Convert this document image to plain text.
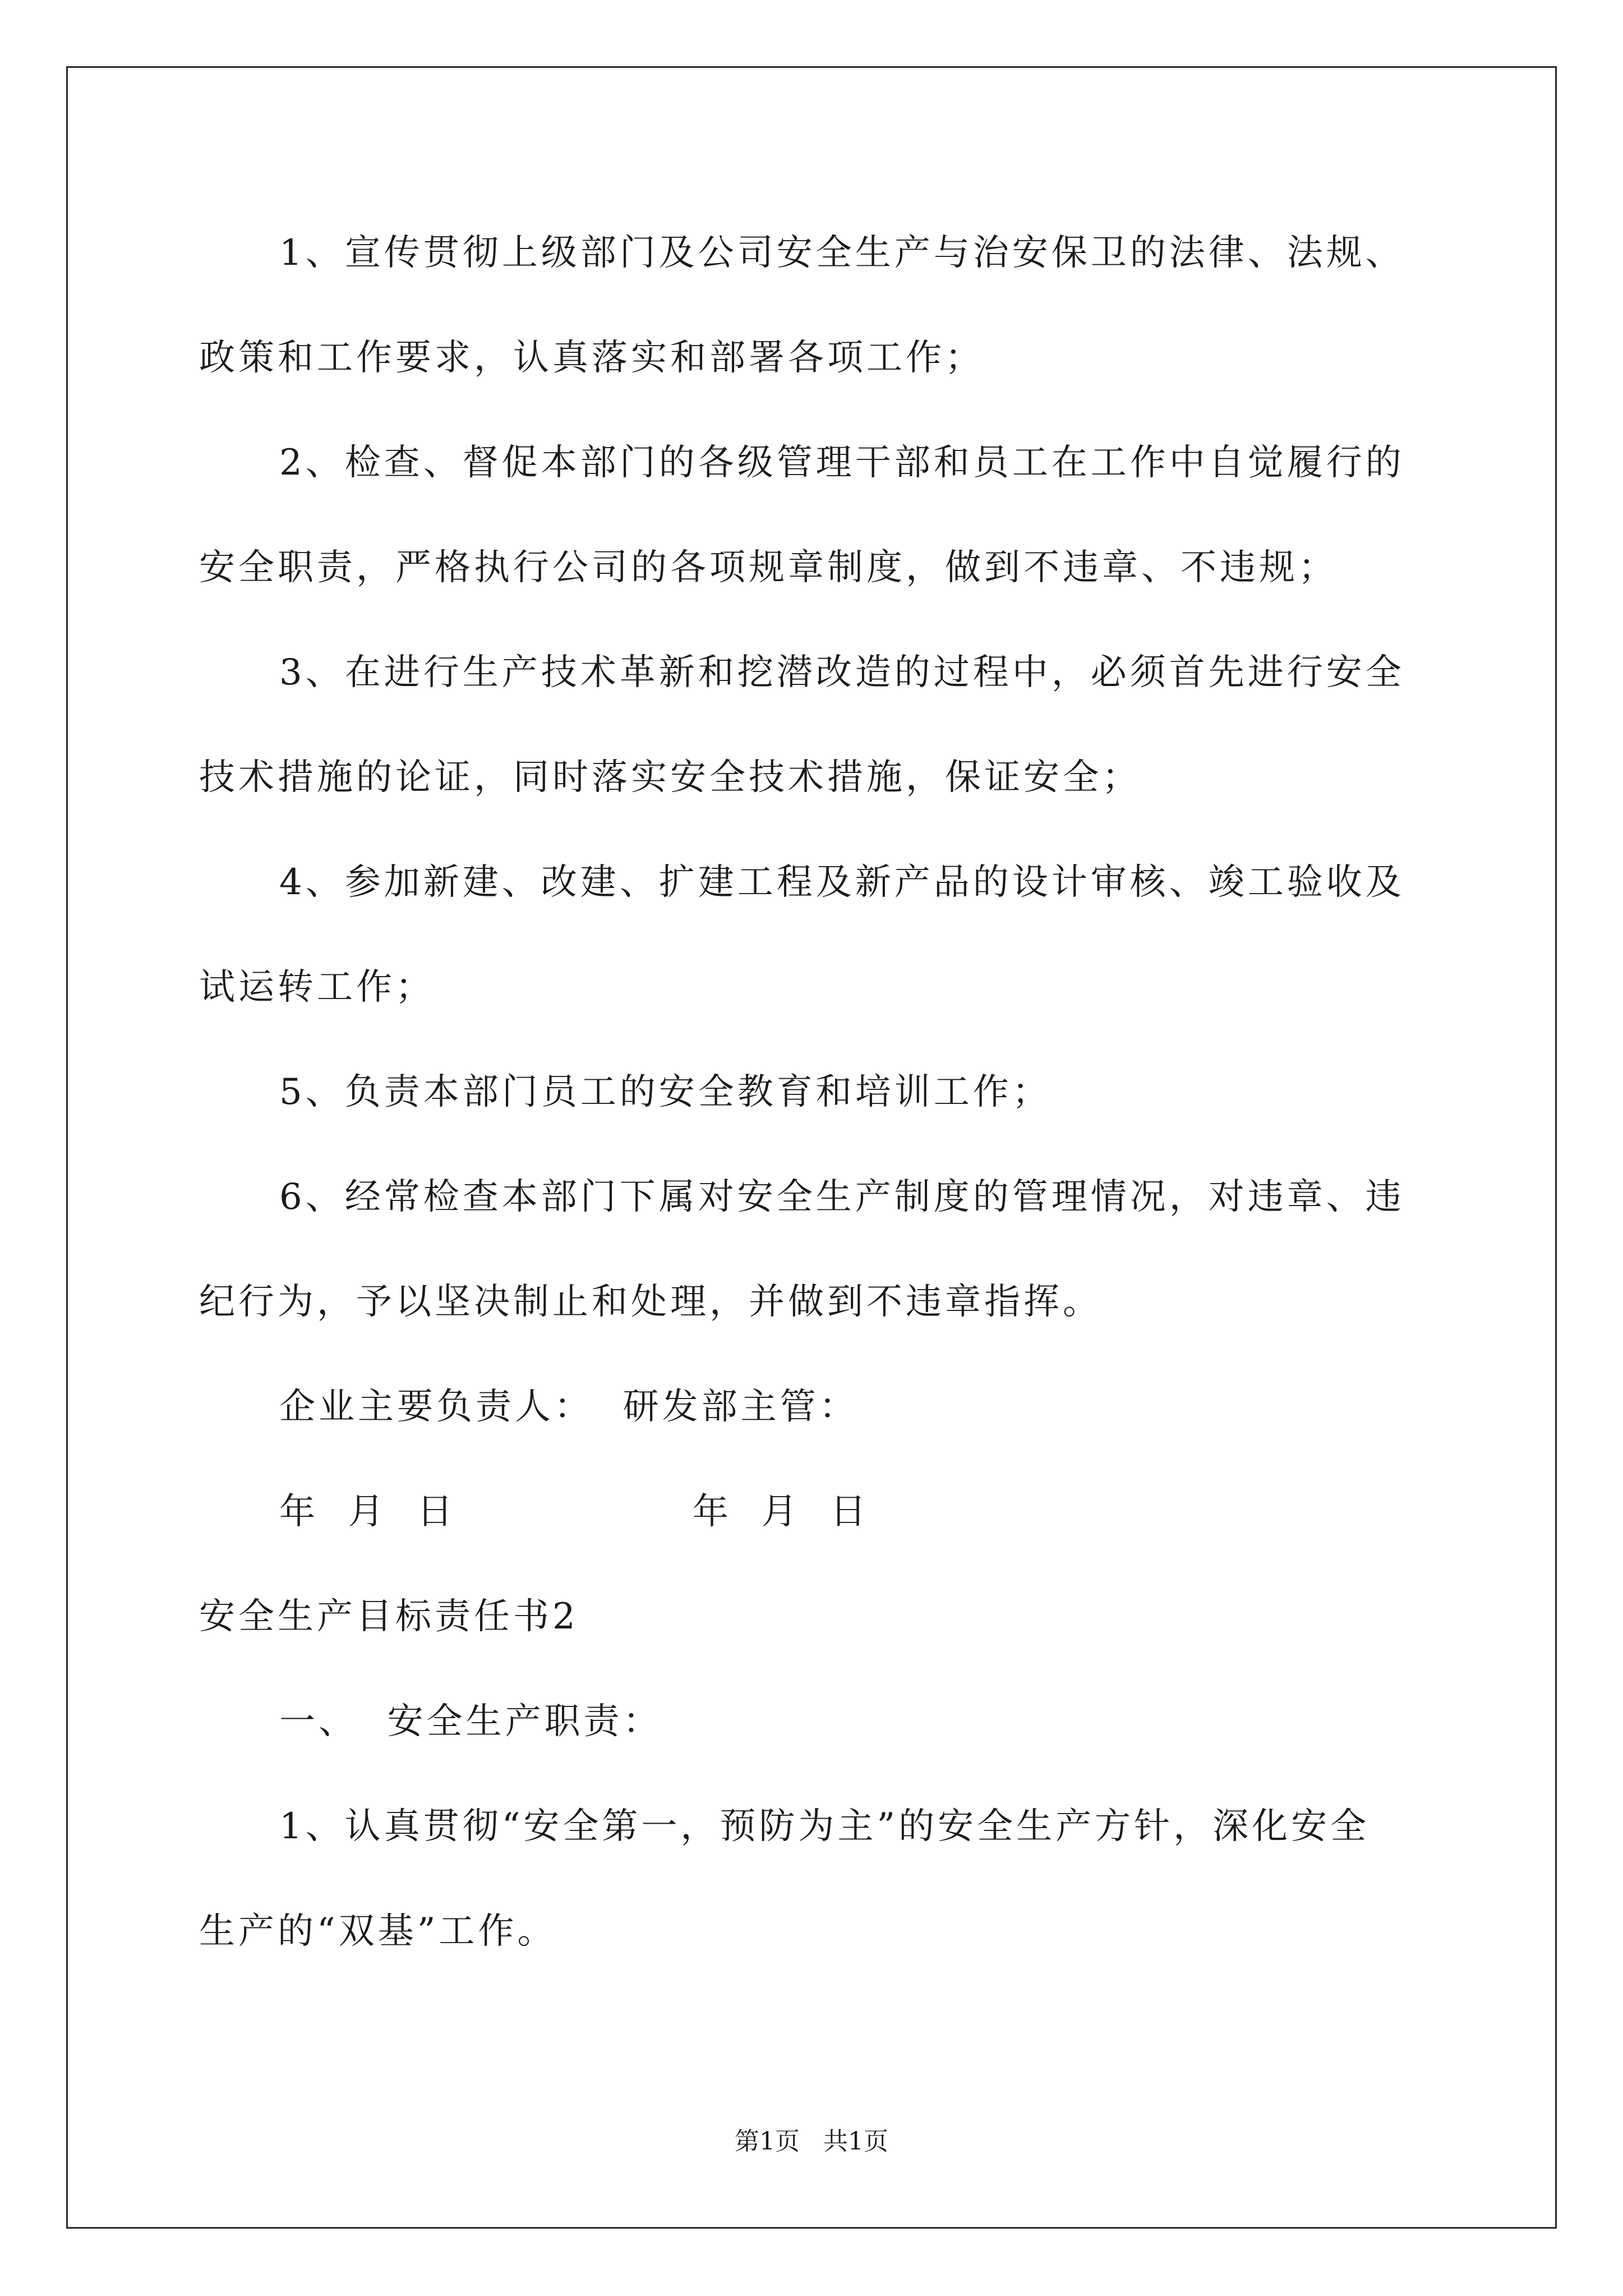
1、宣传贯彻上级部门及公司安全生产与治安保卫的法律、法规、
政策和工作要求，认真落实和部署各项工作；
2、检查、督促本部门的各级管理干部和员工在工作中自觉履行的
安全职责，严格执行公司的各项规章制度，做到不违章、不违规；
3、在进行生产技术革新和挖潜改造的过程中，必须首先进行安全
技术措施的论证，同时落实安全技术措施，保证安全；
4、参加新建、改建、扩建工程及新产品的设计审核、竣工验收及
试运转工作；
5、负责本部门员工的安全教育和培训工作；
6、经常检查本部门下属对安全生产制度的管理情况，对违章、违
纪行为，予以坚决制止和处理，并做到不违章指挥。
企业主要负责人：  研发部主管：
年  月  日                年  月  日
安全生产目标责任书2
一、  安全生产职责：
1、认真贯彻“安全第一，预防为主”的安全生产方针，深化安全
生产的“双基”工作。
第1页   共1页
